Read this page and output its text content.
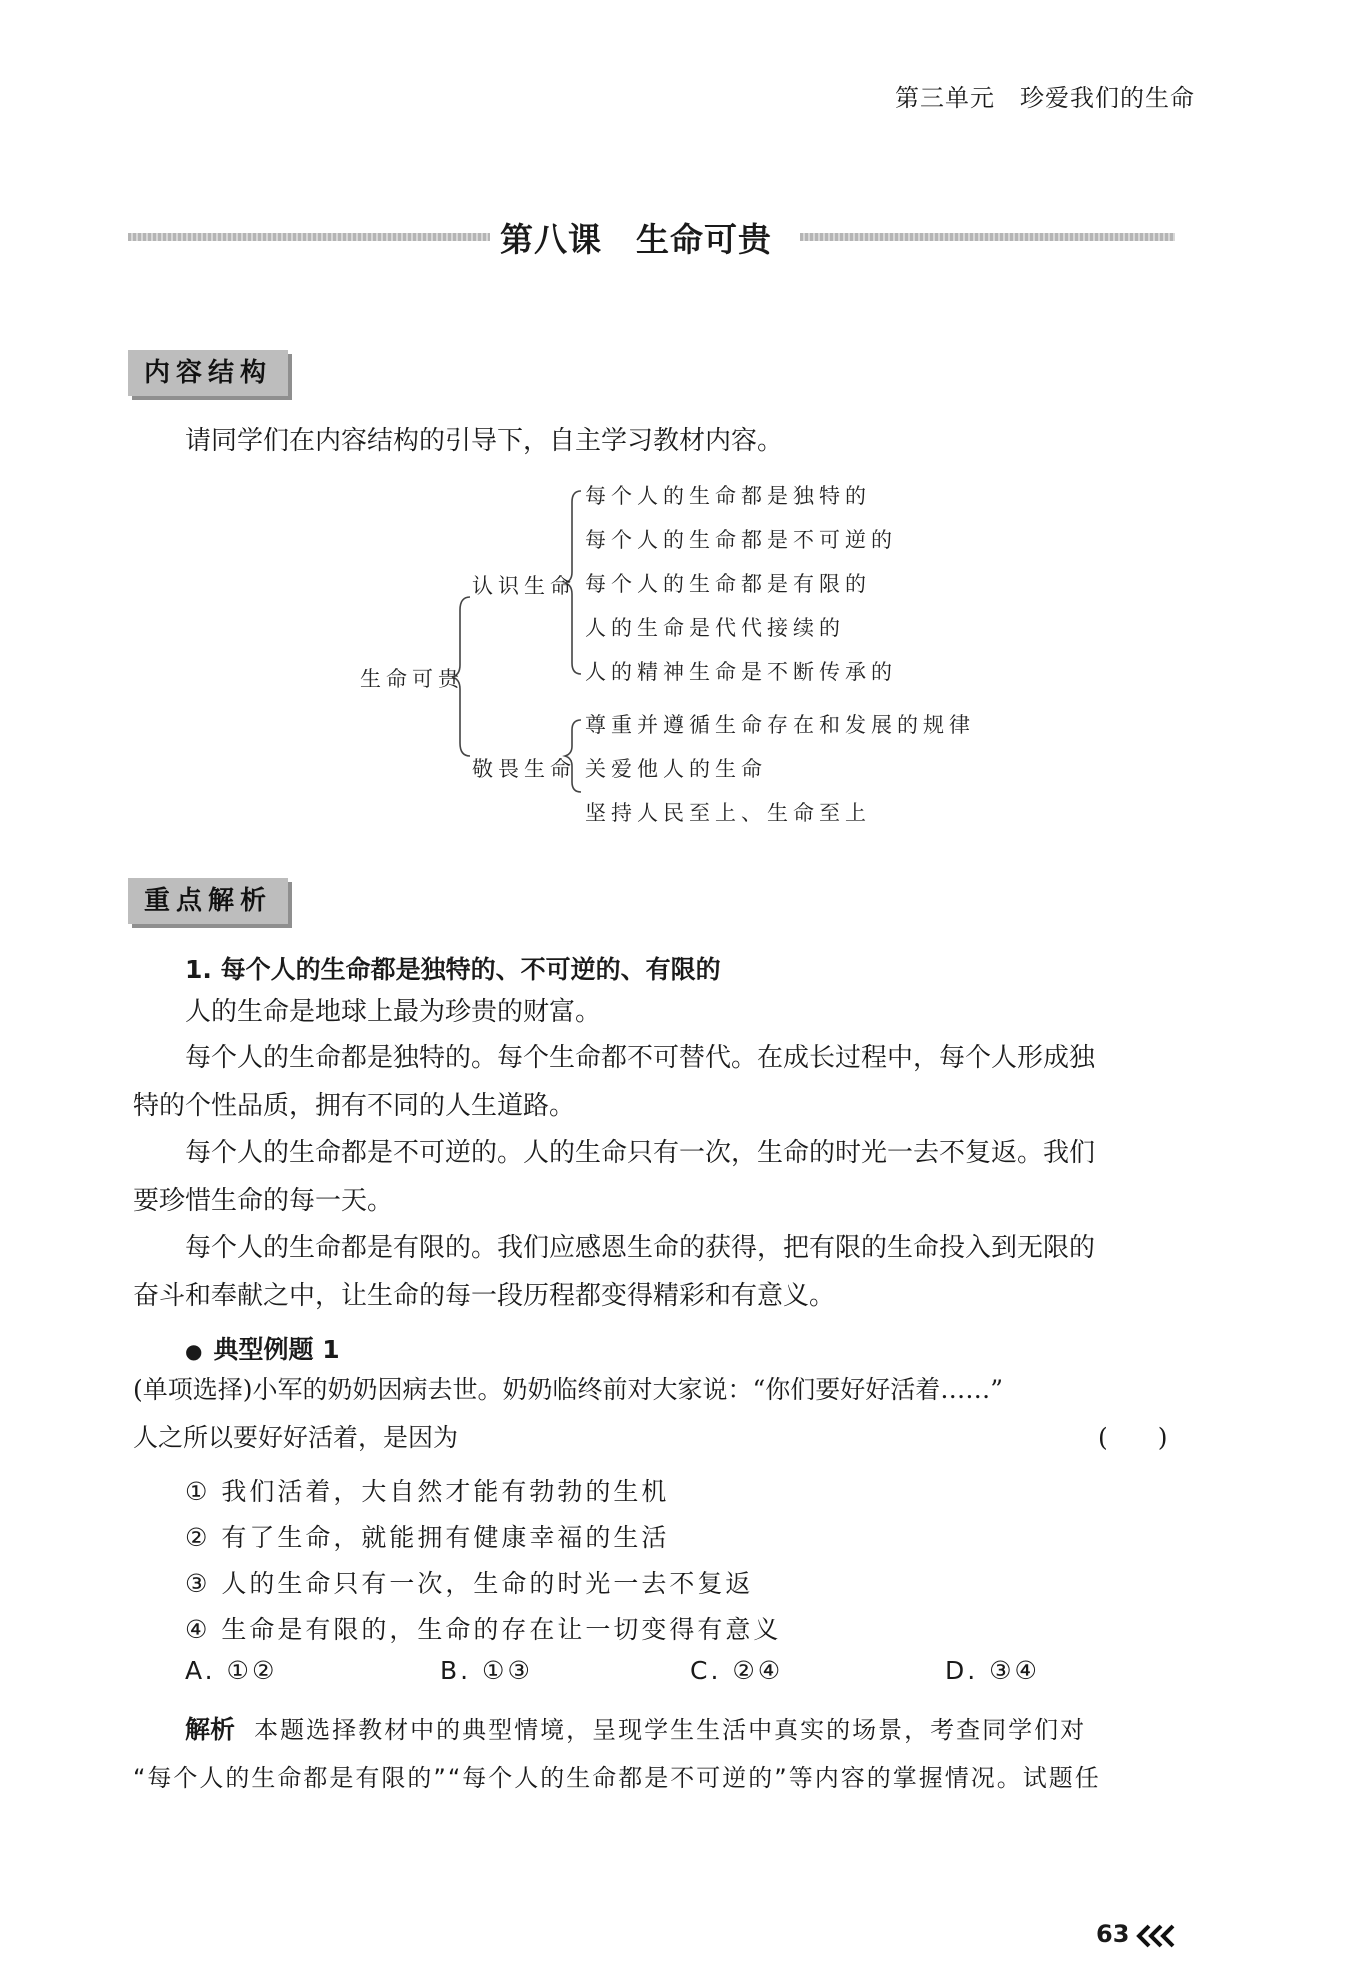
第三单元　珍爱我们的生命
第八课　生命可贵
内容结构
请同学们在内容结构的引导下，自主学习教材内容。
生命可贵
认识生命
敬畏生命
每个人的生命都是独特的
每个人的生命都是不可逆的
每个人的生命都是有限的
人的生命是代代接续的
人的精神生命是不断传承的
尊重并遵循生命存在和发展的规律
关爱他人的生命
坚持人民至上、生命至上
重点解析
1. 每个人的生命都是独特的、不可逆的、有限的
人的生命是地球上最为珍贵的财富。
每个人的生命都是独特的。每个生命都不可替代。在成长过程中，每个人形成独
特的个性品质，拥有不同的人生道路。
每个人的生命都是不可逆的。人的生命只有一次，生命的时光一去不复返。我们
要珍惜生命的每一天。
每个人的生命都是有限的。我们应感恩生命的获得，把有限的生命投入到无限的
奋斗和奉献之中，让生命的每一段历程都变得精彩和有意义。
● 典型例题 1
(单项选择)小军的奶奶因病去世。奶奶临终前对大家说：“你们要好好活着……”
人之所以要好好活着，是因为	(　　)
① 我们活着，大自然才能有勃勃的生机
② 有了生命，就能拥有健康幸福的生活
③ 人的生命只有一次，生命的时光一去不复返
④ 生命是有限的，生命的存在让一切变得有意义
A. ①②	B. ①③	C. ②④	D. ③④
解析 本题选择教材中的典型情境，呈现学生生活中真实的场景，考查同学们对
“每个人的生命都是有限的”“每个人的生命都是不可逆的”等内容的掌握情况。试题任
63
